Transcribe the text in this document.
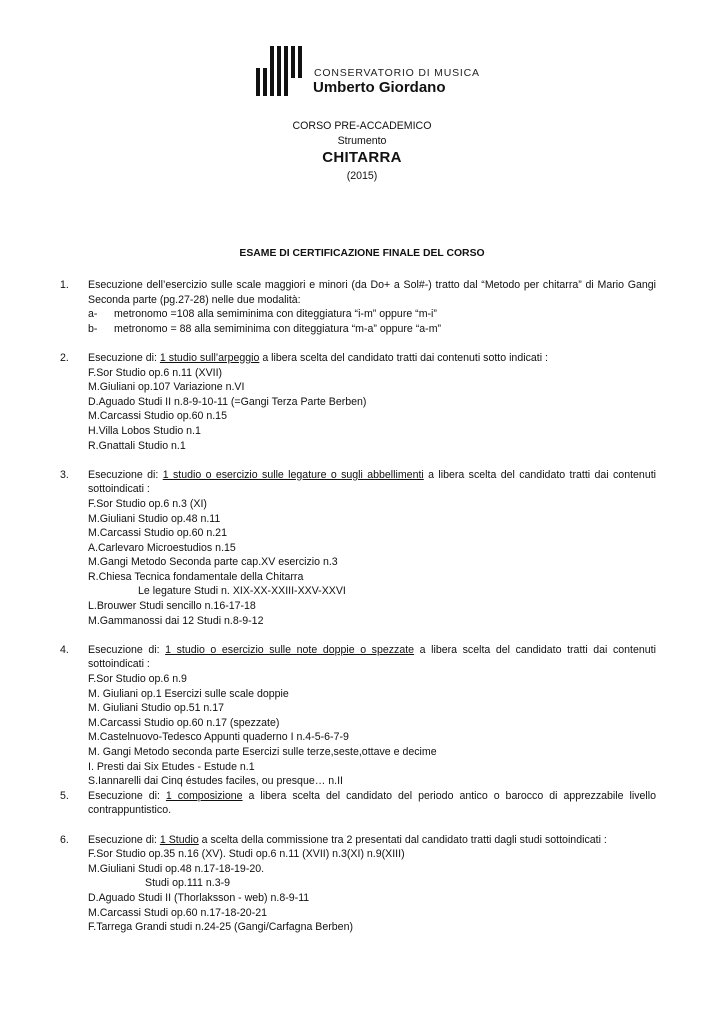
CONSERVATORIO DI MUSICA
Umberto Giordano
CORSO PRE-ACCADEMICO
Strumento
CHITARRA
(2015)
ESAME DI CERTIFICAZIONE FINALE DEL CORSO
1.	Esecuzione dell’esercizio sulle scale maggiori e minori (da Do+ a Sol#-) tratto dal “Metodo per chitarra” di Mario Gangi Seconda parte (pg.27-28) nelle due modalità:
a-	metronomo =108 alla semiminima con diteggiatura “i-m” oppure “m-i”
b-	metronomo = 88 alla semiminima con diteggiatura “m-a” oppure “a-m”
2.	Esecuzione di: 1 studio sull’arpeggio a libera scelta del candidato tratti dai contenuti sotto indicati :
F.Sor Studio op.6 n.11 (XVII)
M.Giuliani op.107 Variazione n.VI
D.Aguado Studi II n.8-9-10-11 (=Gangi Terza Parte Berben)
M.Carcassi Studio op.60 n.15
H.Villa Lobos Studio n.1
R.Gnattali Studio n.1
3.	Esecuzione di: 1 studio o esercizio sulle legature o sugli abbellimenti a libera scelta del candidato tratti dai contenuti sottoindicati :
F.Sor Studio op.6 n.3 (XI)
M.Giuliani Studio op.48 n.11
M.Carcassi Studio op.60 n.21
A.Carlevaro Microestudios n.15
M.Gangi Metodo Seconda parte cap.XV esercizio n.3
R.Chiesa Tecnica fondamentale della Chitarra
Le legature Studi n. XIX-XX-XXIII-XXV-XXVI
L.Brouwer Studi sencillo n.16-17-18
M.Gammanossi dai 12 Studi n.8-9-12
4.	Esecuzione di: 1 studio o esercizio sulle note doppie o spezzate a libera scelta del candidato tratti dai contenuti sottoindicati :
F.Sor Studio op.6 n.9
M. Giuliani op.1 Esercizi sulle scale doppie
M. Giuliani Studio op.51 n.17
M.Carcassi Studio op.60 n.17 (spezzate)
M.Castelnuovo-Tedesco Appunti quaderno I n.4-5-6-7-9
M. Gangi Metodo seconda parte Esercizi sulle terze,seste,ottave e decime
I. Presti dai Six Etudes - Estude n.1
S.Iannarelli dai Cinq éstudes faciles, ou presque… n.II
5.	Esecuzione di: 1 composizione a libera scelta del candidato del periodo antico o barocco di apprezzabile livello contrappuntistico.
6.	Esecuzione di: 1 Studio a scelta della commissione tra 2 presentati dal candidato tratti dagli studi sottoindicati :
F.Sor Studio op.35 n.16 (XV). Studi op.6 n.11 (XVII) n.3(XI) n.9(XIII)
M.Giuliani Studi op.48 n.17-18-19-20.
Studi op.111 n.3-9
D.Aguado Studi II (Thorlaksson - web) n.8-9-11
M.Carcassi Studi op.60 n.17-18-20-21
F.Tarrega Grandi studi n.24-25 (Gangi/Carfagna Berben)
